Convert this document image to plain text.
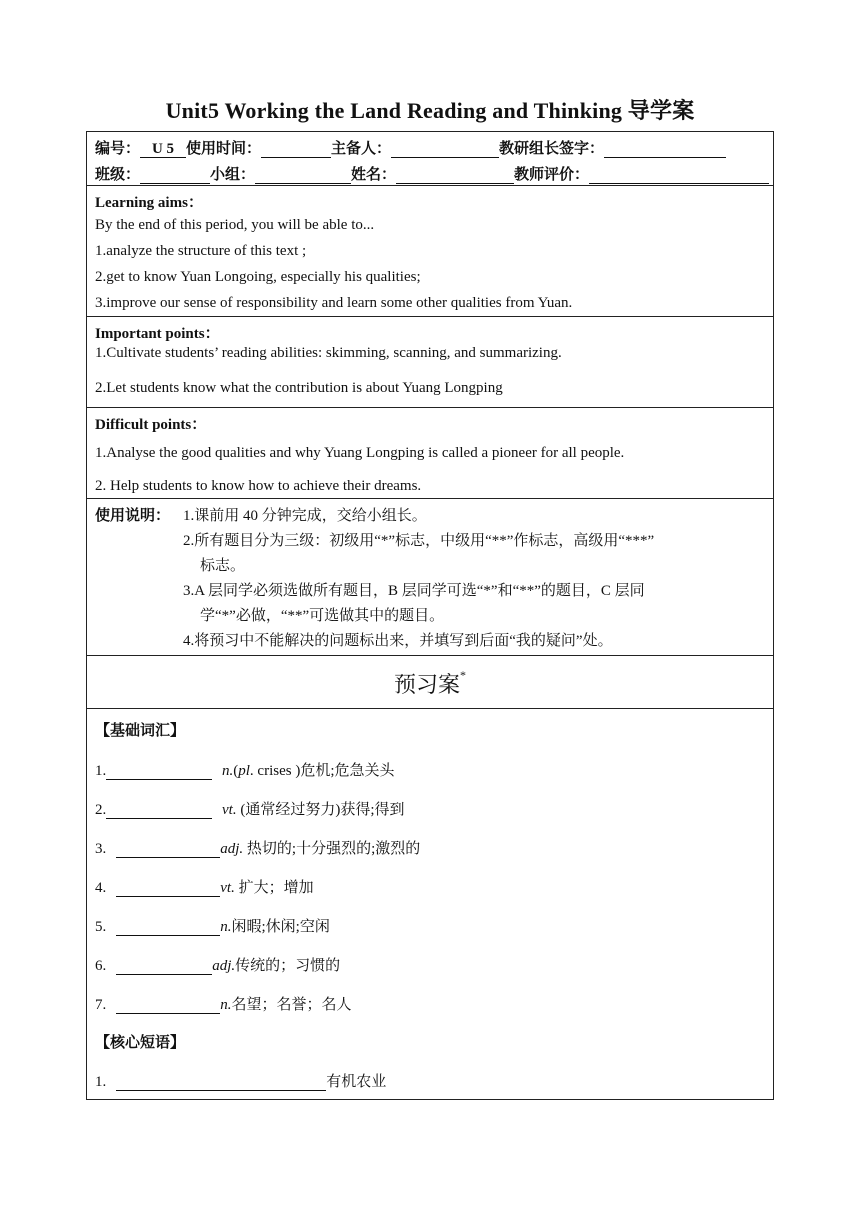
Unit5 Working the Land Reading and Thinking 导学案
编号： U 5 使用时间：	主备人：	教研组长签字：
班级：	小组：	姓名：	教师评价：
Learning aims：
By the end of this period, you will be able to...
1.analyze the structure of this text ;
2.get to know Yuan Longoing, especially his qualities;
3.improve our sense of responsibility and learn some other qualities from Yuan.
Important points：
1.Cultivate students’ reading abilities: skimming, scanning, and summarizing.
2.Let students know what the contribution is about Yuang Longping
Difficult points：
1.Analyse the good qualities and why Yuang Longping is called a pioneer for all people.
2. Help students to know how to achieve their dreams.
使用说明： 1.课前用 40 分钟完成，交给小组长。
2.所有题目分为三级：初级用“*”标志，中级用“**”作标志，高级用“***”
标志。
3.A 层同学必须选做所有题目，B 层同学可选“*”和“**”的题目，C 层同
学“*”必做，“**”可选做其中的题目。
4.将预习中不能解决的问题标出来，并填写到后面“我的疑问”处。
预习案*
【基础词汇】
1.	n.(pl. crises )危机;危急关头
2.	vt. (通常经过努力)获得;得到
3.	adj. 热切的;十分强烈的;激烈的
4.	vt. 扩大；增加
5.	n.闲暇;休闲;空闲
6.	adj.传统的；习惯的
7.	n.名望；名誉；名人
【核心短语】
1.	有机农业
